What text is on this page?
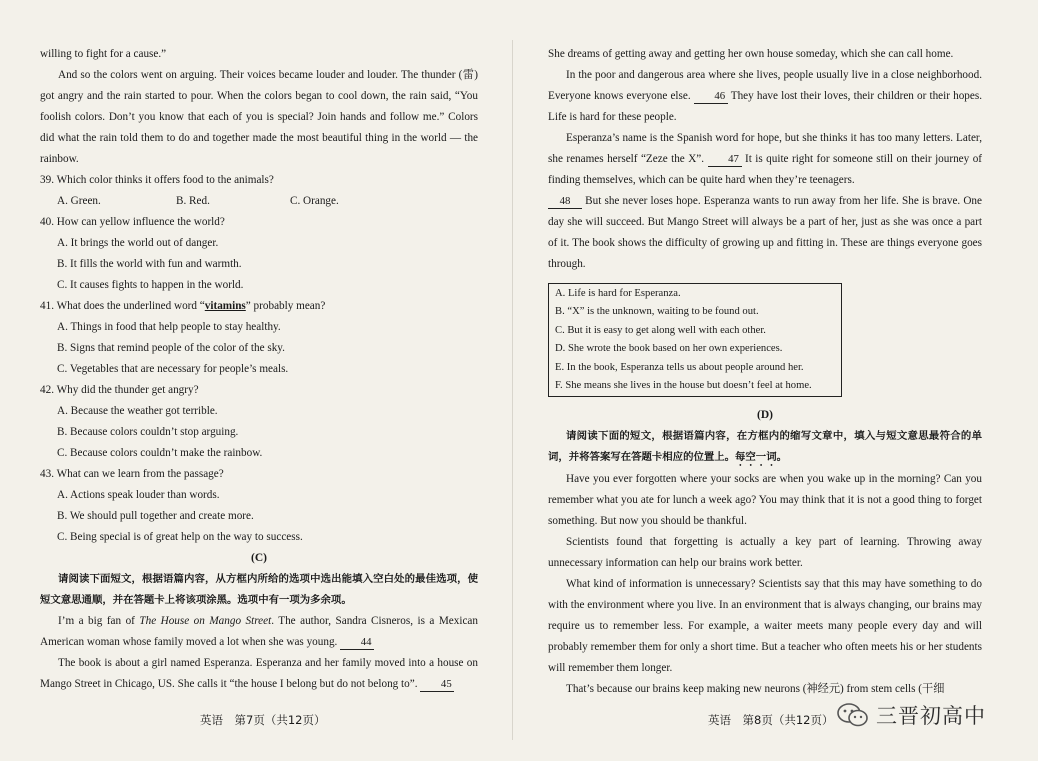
willing to fight for a cause.”

And so the colors went on arguing. Their voices became louder and louder. The thunder (雷) got angry and the rain started to pour. When the colors began to cool down, the rain said, “You foolish colors. Don’t you know that each of you is special? Join hands and follow me.” Colors did what the rain told them to do and together made the most beautiful thing in the world — the rainbow.

39. Which color thinks it offers food to the animals?

A. Green.	B. Red.	C. Orange.

40. How can yellow influence the world?

A. It brings the world out of danger.

B. It fills the world with fun and warmth.

C. It causes fights to happen in the world.

41. What does the underlined word “vitamins” probably mean?

A. Things in food that help people to stay healthy.

B. Signs that remind people of the color of the sky.

C. Vegetables that are necessary for people’s meals.

42. Why did the thunder get angry?

A. Because the weather got terrible.

B. Because colors couldn’t stop arguing.

C. Because colors couldn’t make the rainbow.

43. What can we learn from the passage?

A. Actions speak louder than words.

B. We should pull together and create more.

C. Being special is of great help on the way to success.

(C)

请阅读下面短文，根据语篇内容，从方框内所给的选项中选出能填入空白处的最佳选项，使短文意思通顺，并在答题卡上将该项涂黑。选项中有一项为多余项。

I’m a big fan of The House on Mango Street. The author, Sandra Cisneros, is a Mexican American woman whose family moved a lot when she was young. 44

The book is about a girl named Esperanza. Esperanza and her family moved into a house on Mango Street in Chicago, US. She calls it “the house I belong but do not belong to”. 45

She dreams of getting away and getting her own house someday, which she can call home.

In the poor and dangerous area where she lives, people usually live in a close neighborhood. Everyone knows everyone else. 46 They have lost their loves, their children or their hopes. Life is hard for these people.

Esperanza’s name is the Spanish word for hope, but she thinks it has too many letters. Later, she renames herself “Zeze the X”. 47 It is quite right for someone still on their journey of finding themselves, which can be quite hard when they’re teenagers.

48 But she never loses hope. Esperanza wants to run away from her life. She is brave. One day she will succeed. But Mango Street will always be a part of her, just as she was once a part of it. The book shows the difficulty of growing up and fitting in. These are things everyone goes through.

A. Life is hard for Esperanza.

B. “X” is the unknown, waiting to be found out.

C. But it is easy to get along well with each other.

D. She wrote the book based on her own experiences.

E. In the book, Esperanza tells us about people around her.

F. She means she lives in the house but doesn’t feel at home.

(D)

请阅读下面的短文，根据语篇内容，在方框内的缩写文章中，填入与短文意思最符合的单词，并将答案写在答题卡相应的位置上。每空一词。

Have you ever forgotten where your socks are when you wake up in the morning? Can you remember what you ate for lunch a week ago? You may think that it is not a good thing to forget something. But now you should be thankful.

Scientists found that forgetting is actually a key part of learning. Throwing away unnecessary information can help our brains work better.

What kind of information is unnecessary? Scientists say that this may have something to do with the environment where you live. In an environment that is always changing, our brains may require us to remember less. For example, a waiter meets many people every day and will probably remember them for only a short time. But a teacher who often meets his or her students will remember them longer.

That’s because our brains keep making new neurons (神经元) from stem cells (干细

英语　第7页（共12页）	英语　第8页（共12页） 三晋初高中
